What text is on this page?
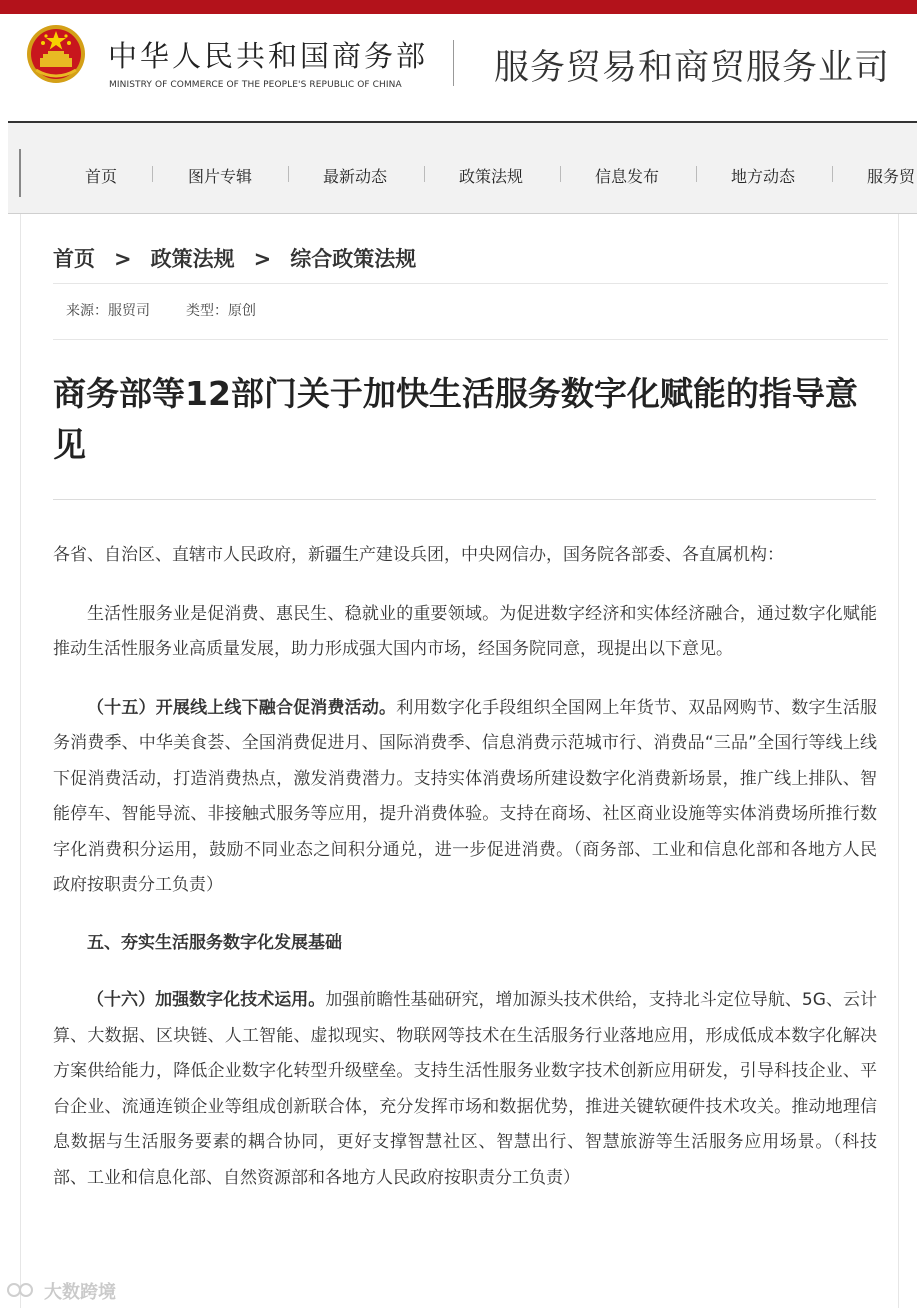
中华人民共和国商务部
MINISTRY OF COMMERCE OF THE PEOPLE'S REPUBLIC OF CHINA	服务贸易和商贸服务业司
首页	图片专辑	最新动态	政策法规	信息发布	地方动态	服务贸
首页 > 政策法规 > 综合政策法规
来源：服贸司	类型：原创
商务部等12部门关于加快生活服务数字化赋能的指导意见

各省、自治区、直辖市人民政府，新疆生产建设兵团，中央网信办，国务院各部委、各直属机构：

生活性服务业是促消费、惠民生、稳就业的重要领域。为促进数字经济和实体经济融合，通过数字化赋能推动生活性服务业高质量发展，助力形成强大国内市场，经国务院同意，现提出以下意见。

（十五）开展线上线下融合促消费活动。利用数字化手段组织全国网上年货节、双品网购节、数字生活服务消费季、中华美食荟、全国消费促进月、国际消费季、信息消费示范城市行、消费品“三品”全国行等线上线下促消费活动，打造消费热点，激发消费潜力。支持实体消费场所建设数字化消费新场景，推广线上排队、智能停车、智能导流、非接触式服务等应用，提升消费体验。支持在商场、社区商业设施等实体消费场所推行数字化消费积分运用，鼓励不同业态之间积分通兑，进一步促进消费。（商务部、工业和信息化部和各地方人民政府按职责分工负责）

五、夯实生活服务数字化发展基础

（十六）加强数字化技术运用。加强前瞻性基础研究，增加源头技术供给，支持北斗定位导航、5G、云计算、大数据、区块链、人工智能、虚拟现实、物联网等技术在生活服务行业落地应用，形成低成本数字化解决方案供给能力，降低企业数字化转型升级壁垒。支持生活性服务业数字技术创新应用研发，引导科技企业、平台企业、流通连锁企业等组成创新联合体，充分发挥市场和数据优势，推进关键软硬件技术攻关。推动地理信息数据与生活服务要素的耦合协同，更好支撑智慧社区、智慧出行、智慧旅游等生活服务应用场景。（科技部、工业和信息化部、自然资源部和各地方人民政府按职责分工负责）

大数跨境
